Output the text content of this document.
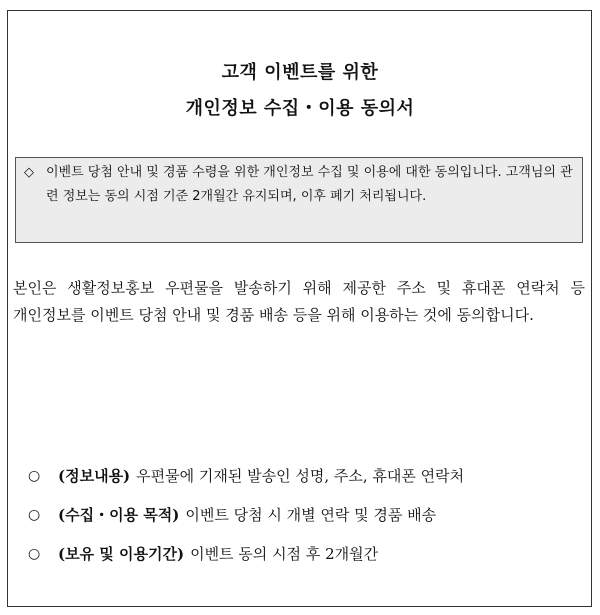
고객 이벤트를 위한
개인정보 수집・이용 동의서
◇ 이벤트 당첨 안내 및 경품 수령을 위한 개인정보 수집 및 이용에 대한 동의입니다. 고객님의 관련 정보는 동의 시점 기준 2개월간 유지되며, 이후 폐기 처리됩니다.
본인은 생활정보홍보 우편물을 발송하기 위해 제공한 주소 및 휴대폰 연락처 등 개인정보를 이벤트 당첨 안내 및 경품 배송 등을 위해 이용하는 것에 동의합니다.
○	(정보내용) 우편물에 기재된 발송인 성명, 주소, 휴대폰 연락처
○	(수집・이용 목적) 이벤트 당첨 시 개별 연락 및 경품 배송
○	(보유 및 이용기간) 이벤트 동의 시점 후 2개월간
